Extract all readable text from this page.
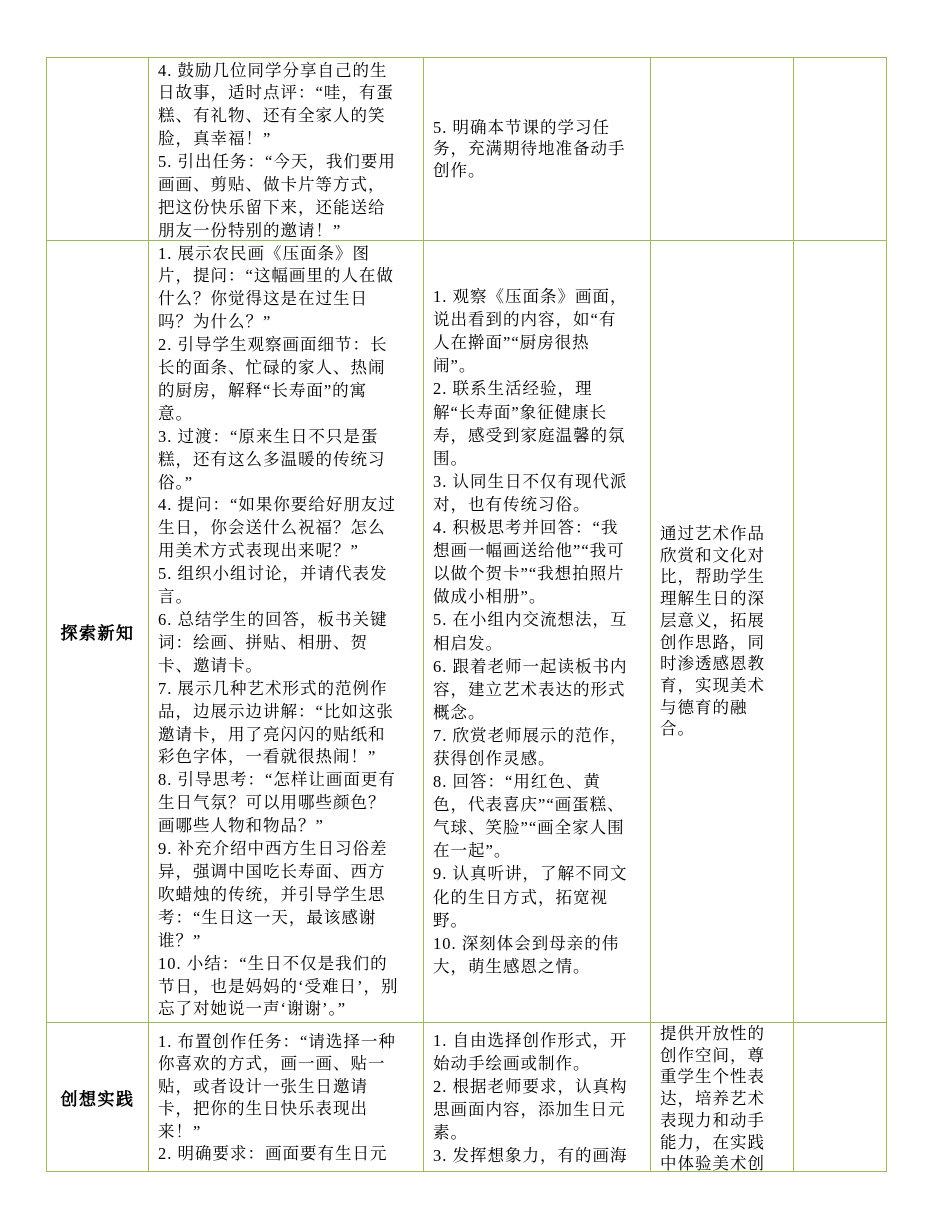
4. 鼓励几位同学分享自己的生
日故事，适时点评：“哇，有蛋
糕、有礼物、还有全家人的笑
脸，真幸福！”
5. 引出任务：“今天，我们要用
画画、剪贴、做卡片等方式，
把这份快乐留下来，还能送给
朋友一份特别的邀请！”
5. 明确本节课的学习任
务，充满期待地准备动手
创作。
探索新知
1. 展示农民画《压面条》图
片，提问：“这幅画里的人在做
什么？你觉得这是在过生日
吗？为什么？”
2. 引导学生观察画面细节：长
长的面条、忙碌的家人、热闹
的厨房，解释“长寿面”的寓
意。
3. 过渡：“原来生日不只是蛋
糕，还有这么多温暖的传统习
俗。”
4. 提问：“如果你要给好朋友过
生日，你会送什么祝福？怎么
用美术方式表现出来呢？”
5. 组织小组讨论，并请代表发
言。
6. 总结学生的回答，板书关键
词：绘画、拼贴、相册、贺
卡、邀请卡。
7. 展示几种艺术形式的范例作
品，边展示边讲解：“比如这张
邀请卡，用了亮闪闪的贴纸和
彩色字体，一看就很热闹！”
8. 引导思考：“怎样让画面更有
生日气氛？可以用哪些颜色？
画哪些人物和物品？”
9. 补充介绍中西方生日习俗差
异，强调中国吃长寿面、西方
吹蜡烛的传统，并引导学生思
考：“生日这一天，最该感谢
谁？”
10. 小结：“生日不仅是我们的
节日，也是妈妈的‘受难日’，别
忘了对她说一声‘谢谢’。”
1. 观察《压面条》画面，
说出看到的内容，如“有
人在擀面”“厨房很热
闹”。
2. 联系生活经验，理
解“长寿面”象征健康长
寿，感受到家庭温馨的氛
围。
3. 认同生日不仅有现代派
对，也有传统习俗。
4. 积极思考并回答：“我
想画一幅画送给他”“我可
以做个贺卡”“我想拍照片
做成小相册”。
5. 在小组内交流想法，互
相启发。
6. 跟着老师一起读板书内
容，建立艺术表达的形式
概念。
7. 欣赏老师展示的范作，
获得创作灵感。
8. 回答：“用红色、黄
色，代表喜庆”“画蛋糕、
气球、笑脸”“画全家人围
在一起”。
9. 认真听讲，了解不同文
化的生日方式，拓宽视
野。
10. 深刻体会到母亲的伟
大，萌生感恩之情。
通过艺术作品
欣赏和文化对
比，帮助学生
理解生日的深
层意义，拓展
创作思路，同
时渗透感恩教
育，实现美术
与德育的融
合。
创想实践
1. 布置创作任务：“请选择一种
你喜欢的方式，画一画、贴一
贴，或者设计一张生日邀请
卡，把你的生日快乐表现出
来！”
2. 明确要求：画面要有生日元
1. 自由选择创作形式，开
始动手绘画或制作。
2. 根据老师要求，认真构
思画面内容，添加生日元
素。
3. 发挥想象力，有的画海
提供开放性的
创作空间，尊
重学生个性表
达，培养艺术
表现力和动手
能力，在实践
中体验美术创
